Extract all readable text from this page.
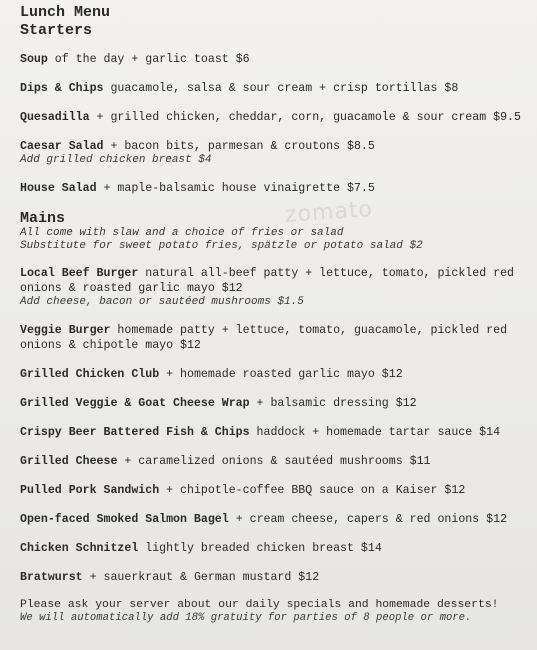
zomato
Lunch Menu
Starters
Soup of the day + garlic toast $6
Dips & Chips guacamole, salsa & sour cream + crisp tortillas $8
Quesadilla + grilled chicken, cheddar, corn, guacamole & sour cream $9.5
Caesar Salad + bacon bits, parmesan & croutons $8.5
Add grilled chicken breast $4
House Salad + maple-balsamic house vinaigrette $7.5
Mains
All come with slaw and a choice of fries or salad
Substitute for sweet potato fries, spätzle or potato salad $2
Local Beef Burger natural all-beef patty + lettuce, tomato, pickled red
onions & roasted garlic mayo $12
Add cheese, bacon or sautéed mushrooms $1.5
Veggie Burger homemade patty + lettuce, tomato, guacamole, pickled red
onions & chipotle mayo $12
Grilled Chicken Club + homemade roasted garlic mayo $12
Grilled Veggie & Goat Cheese Wrap + balsamic dressing $12
Crispy Beer Battered Fish & Chips haddock + homemade tartar sauce $14
Grilled Cheese + caramelized onions & sautéed mushrooms $11
Pulled Pork Sandwich + chipotle-coffee BBQ sauce on a Kaiser $12
Open-faced Smoked Salmon Bagel + cream cheese, capers & red onions $12
Chicken Schnitzel lightly breaded chicken breast $14
Bratwurst + sauerkraut & German mustard $12
Please ask your server about our daily specials and homemade desserts!
We will automatically add 18% gratuity for parties of 8 people or more.
